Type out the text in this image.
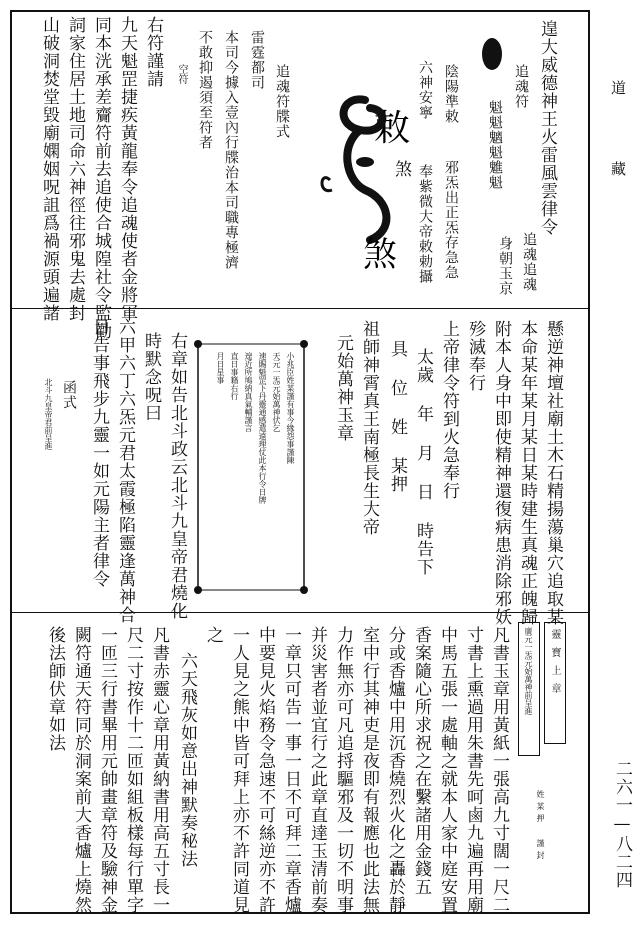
道 藏
二六一—八二四
遑大威德神王火雷風雲律令
追魂符
魁魁魑魁魋魁
陰陽準敕
六神安寧
邪炁出正炁存急急
奉紫微大帝敕勅攝	追魂追魂
身朝玉京
敕
煞
煞
追魂符牒式
雷霆都司
本司今據入壹內行牒治本司職專極濟
不敢抑遏須至符者
空符
右符謹請
九天魁罡捷疾黃龍奉令追魂使者金將軍
同本洸承差齎符前去追使合城隍社令監勸
詞家住居土地司命六神徑往邪鬼去處封
山破洞焚堂毀廟嫻姻呪詛爲禍源頭遍諸
懸逆神壇社廟土木石精揚蕩巢穴追取某
本命某年某月某日某時建生真魂正魄歸
附本人身中即使精神還復病患消除邪妖
殄滅奉行
上帝律令符到火急奉行
太歲 年 月 日 時告下
具 位 姓 某押
祖師神霄真王南極長生大帝
元始萬神玉章
小兆臣姓某謹有事今緣怨事謹陳
天元一炁元始萬神伏乞
速賜魁罡下丹靈通感遣遠理仗此本行令日牌
遑近所鳩納真氣輔謹言
直日事籍右行
月日星事
右章如告北斗政云北斗九皇帝君燒化
時默念呪曰
六甲六丁六炁元君太霞極陷靈逢萬神合
日告事飛步九靈一如元陽主者律令
函式
北斗九皇帝君前呈進
靈寶上章
廣元一炁元始萬神前呈進
姓某押 謹封
凡書玉章用黃紙一張高九寸闊一尺二
寸書上熏過用朱書先呵鹵九遍再用廟
中馬五張一處軸之就本人家中庭安置
香案隨心所求祝之在繫諸用金錢五
分或香爐中用沉香燒烈火化之轟於靜
室中行其神吏是夜即有報應也此法無
力作無亦可凡追捋驅邪及一切不明事
并災害者並宜行之此章直達玉清前奏
一章只可告一事一日不可拜二章香爐
中要見火焰務令急速不可絲逆亦不許
一人見之熊中皆可拜上亦不許同道見
之
六天飛灰如意出神默奏秘法
凡書赤靈心章用黃納書用高五寸長一
尺二寸按作十二匝如組板樣每行單字
一匝三行書畢用元帥畫章符及驗神金
闕符通天符同於洞案前大香爐上燒然
後法師伏章如法
